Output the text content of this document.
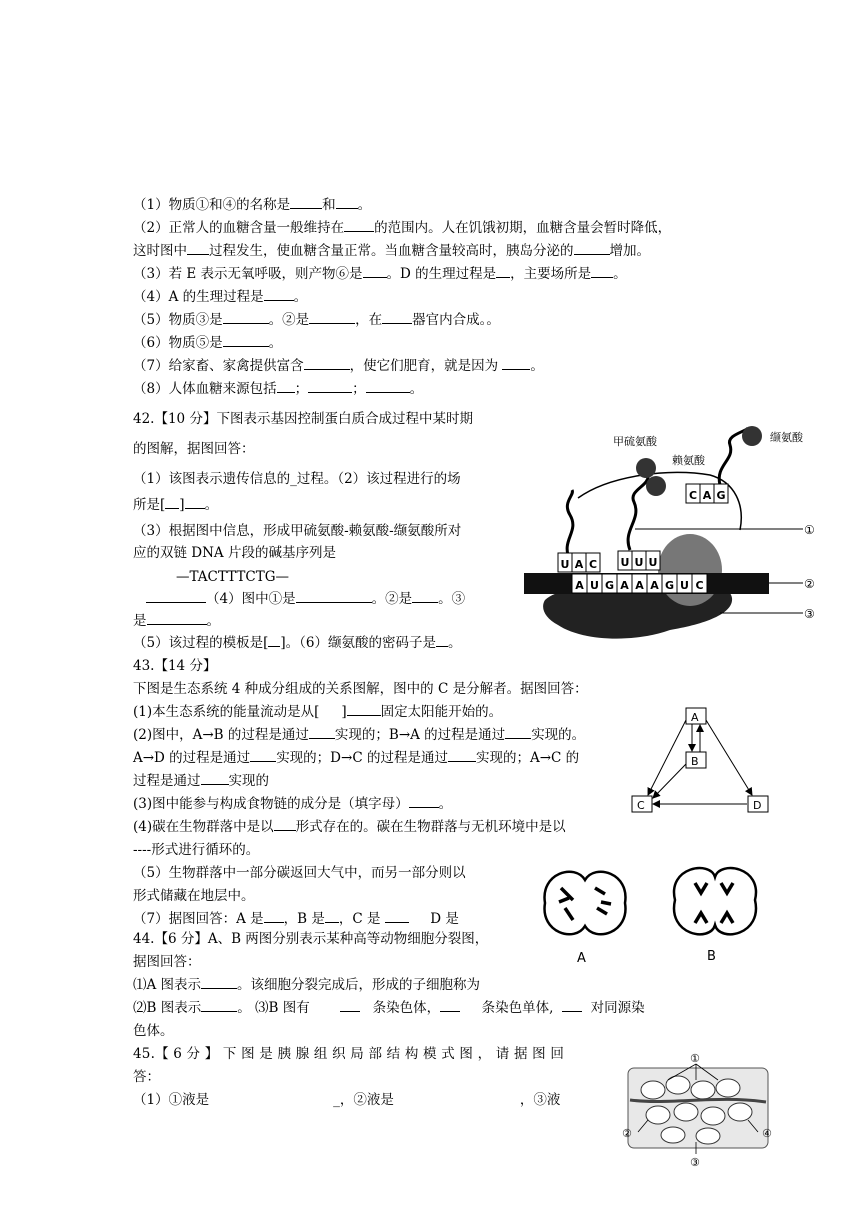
（1）物质①和④的名称是 和 。
（2）正常人的血糖含量一般维持在 的范围内。人在饥饿初期，血糖含量会暂时降低，
这时图中 过程发生，使血糖含量正常。当血糖含量较高时，胰岛分泌的	增加。
（3）若 E 表示无氧呼吸，则产物⑥是 。D 的生理过程是 ，主要场所是 。
（4）A 的生理过程是 。
（5）物质③是	。②是	，在 器官内合成。。
（6）物质⑤是	。
（7）给家畜、家禽提供富含	，使它们肥育，就是因为 。
（8）人体血糖来源包括 ；	；	。
42.【10 分】下图表示基因控制蛋白质合成过程中某时期
的图解，据图回答：
（1）该图表示遗传信息的_过程。（2）该过程进行的场
所是[ ] 。
（3）根据图中信息，形成甲硫氨酸-赖氨酸-缬氨酸所对
应的双链 DNA 片段的碱基序列是
—TACTTTCTG—
（4）图中①是	。②是 。③
是	。
（5）该过程的模板是[ ]。（6）缬氨酸的密码子是 。
A U G A A A G U C
U A C U U U
C A G
甲硫氨酸
赖氨酸
缬氨酸
①
②
③
43.【14 分】
下图是生态系统 4 种成分组成的关系图解，图中的 C 是分解者。据图回答：
(1)本生态系统的能量流动是从[ ]	固定太阳能开始的。
(2)图中，A→B 的过程是通过 实现的；B→A 的过程是通过 实现的。
A→D 的过程是通过 实现的；D→C 的过程是通过 实现的；A→C 的
过程是通过 实现的
(3)图中能参与构成食物链的成分是（填字母） 。
(4)碳在生物群落中是以 形式存在的。碳在生物群落与无机环境中是以
----形式进行循环的。
（5）生物群落中一部分碳返回大气中，而另一部分则以
形式储藏在地层中。
（7）据图回答：A 是 ，B 是 ，C 是	D 是
A
B
C	D
44.【6 分】A、B 两图分别表示某种高等动物细胞分裂图，
据图回答：
⑴A 图表示	。该细胞分裂完成后，形成的子细胞称为
⑵B 图表示	。 ⑶B 图有	条染色体，	条染色单体,	对同源染
色体。
A	B
45.【 6 分 】 下 图 是 胰 腺 组 织 局 部 结 构 模 式 图 ， 请 据 图 回
答：
（1）①液是	_，②液是	，③液
①
②
③
④
